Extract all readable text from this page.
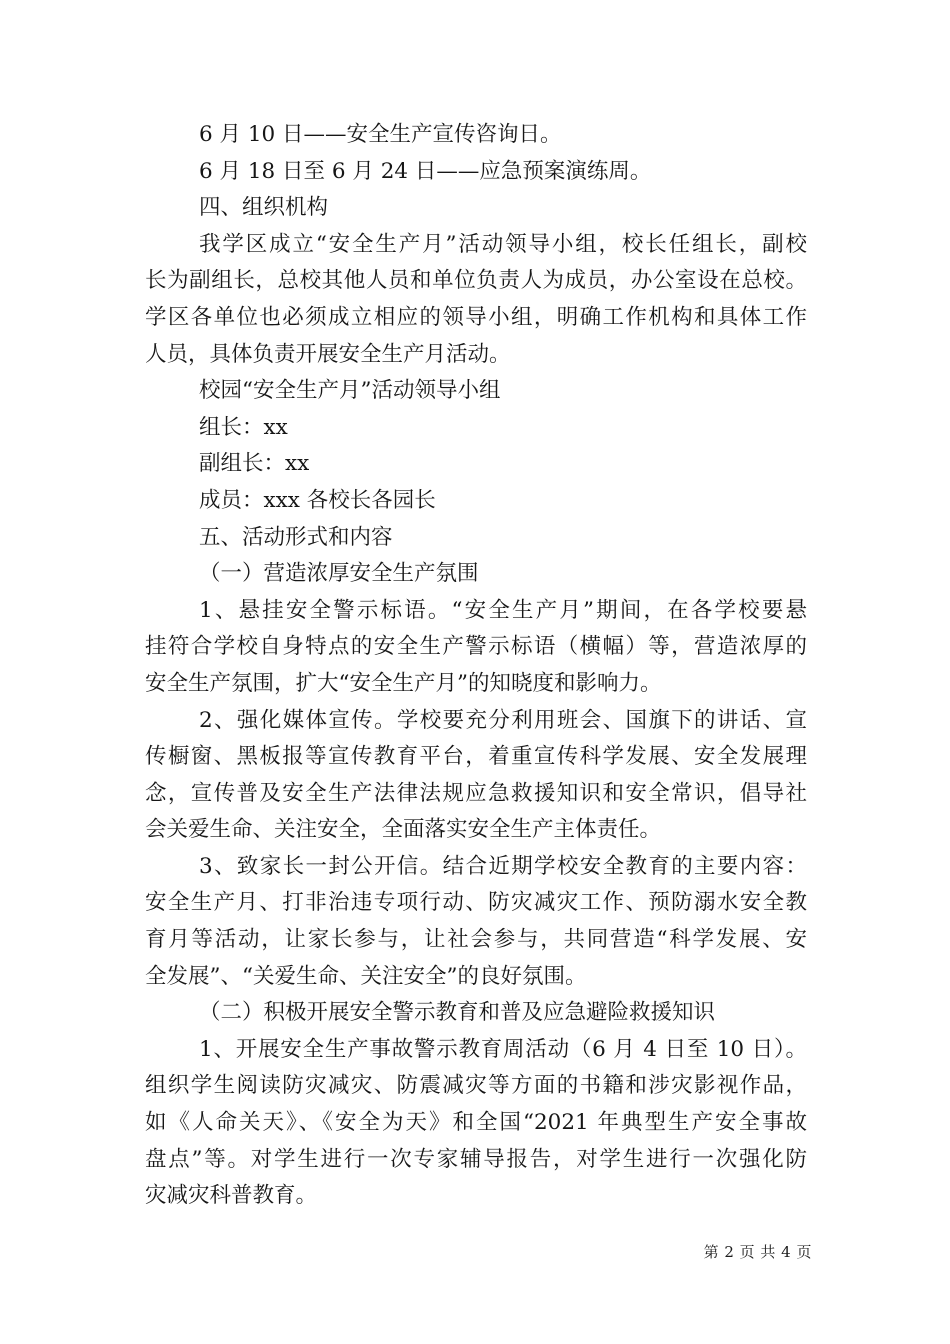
6 月 10 日——安全生产宣传咨询日。
6 月 18 日至 6 月 24 日——应急预案演练周。
四、组织机构
我学区成立“安全生产月”活动领导小组，校长任组长，副校
长为副组长，总校其他人员和单位负责人为成员，办公室设在总校。
学区各单位也必须成立相应的领导小组，明确工作机构和具体工作
人员，具体负责开展安全生产月活动。
校园“安全生产月”活动领导小组
组长：xx
副组长：xx
成员：xxx 各校长各园长
五、活动形式和内容
（一）营造浓厚安全生产氛围
1、悬挂安全警示标语。“安全生产月”期间，在各学校要悬
挂符合学校自身特点的安全生产警示标语（横幅）等，营造浓厚的
安全生产氛围，扩大“安全生产月”的知晓度和影响力。
2、强化媒体宣传。学校要充分利用班会、国旗下的讲话、宣
传橱窗、黑板报等宣传教育平台，着重宣传科学发展、安全发展理
念，宣传普及安全生产法律法规应急救援知识和安全常识，倡导社
会关爱生命、关注安全，全面落实安全生产主体责任。
3、致家长一封公开信。结合近期学校安全教育的主要内容：
安全生产月、打非治违专项行动、防灾减灾工作、预防溺水安全教
育月等活动，让家长参与，让社会参与，共同营造“科学发展、安
全发展”、“关爱生命、关注安全”的良好氛围。
（二）积极开展安全警示教育和普及应急避险救援知识
1、开展安全生产事故警示教育周活动（6 月 4 日至 10 日）。
组织学生阅读防灾减灾、防震减灾等方面的书籍和涉灾影视作品，
如《人命关天》、《安全为天》和全国“2021 年典型生产安全事故
盘点”等。对学生进行一次专家辅导报告，对学生进行一次强化防
灾减灾科普教育。
第 2 页 共 4 页
